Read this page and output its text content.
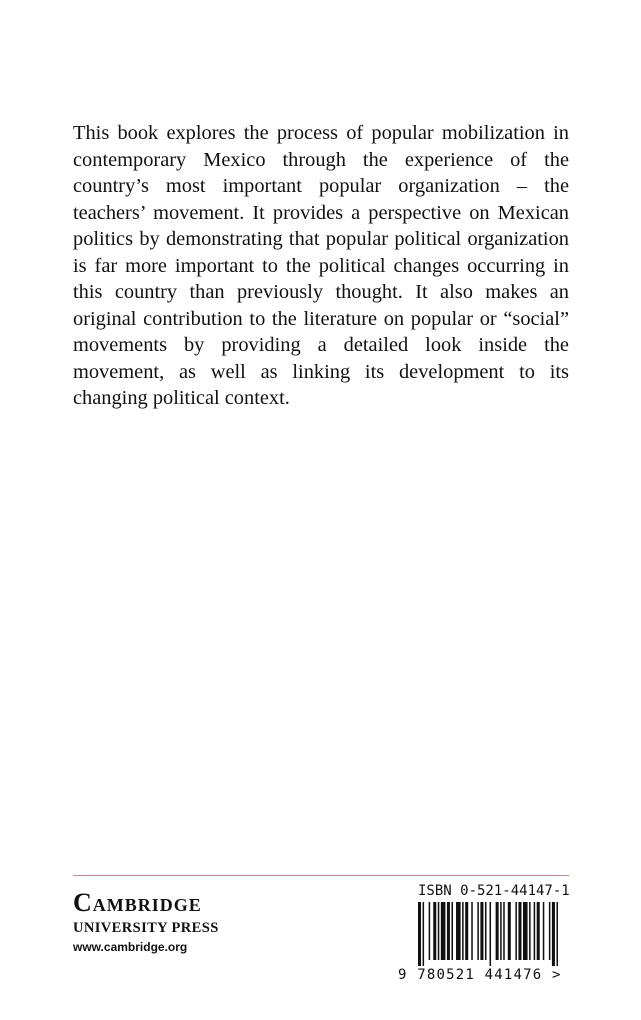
This book explores the process of popular mobilization in contemporary Mexico through the experience of the country’s most important popular organization – the teachers’ movement. It provides a perspective on Mexican politics by demonstrating that popular political organization is far more important to the political changes occurring in this country than previously thought. It also makes an original contribution to the literature on popular or “social” movements by providing a detailed look inside the movement, as well as linking its development to its changing political context.

Cambridge
UNIVERSITY PRESS
www.cambridge.org
ISBN 0-521-44147-1
9 780521 441476 >
